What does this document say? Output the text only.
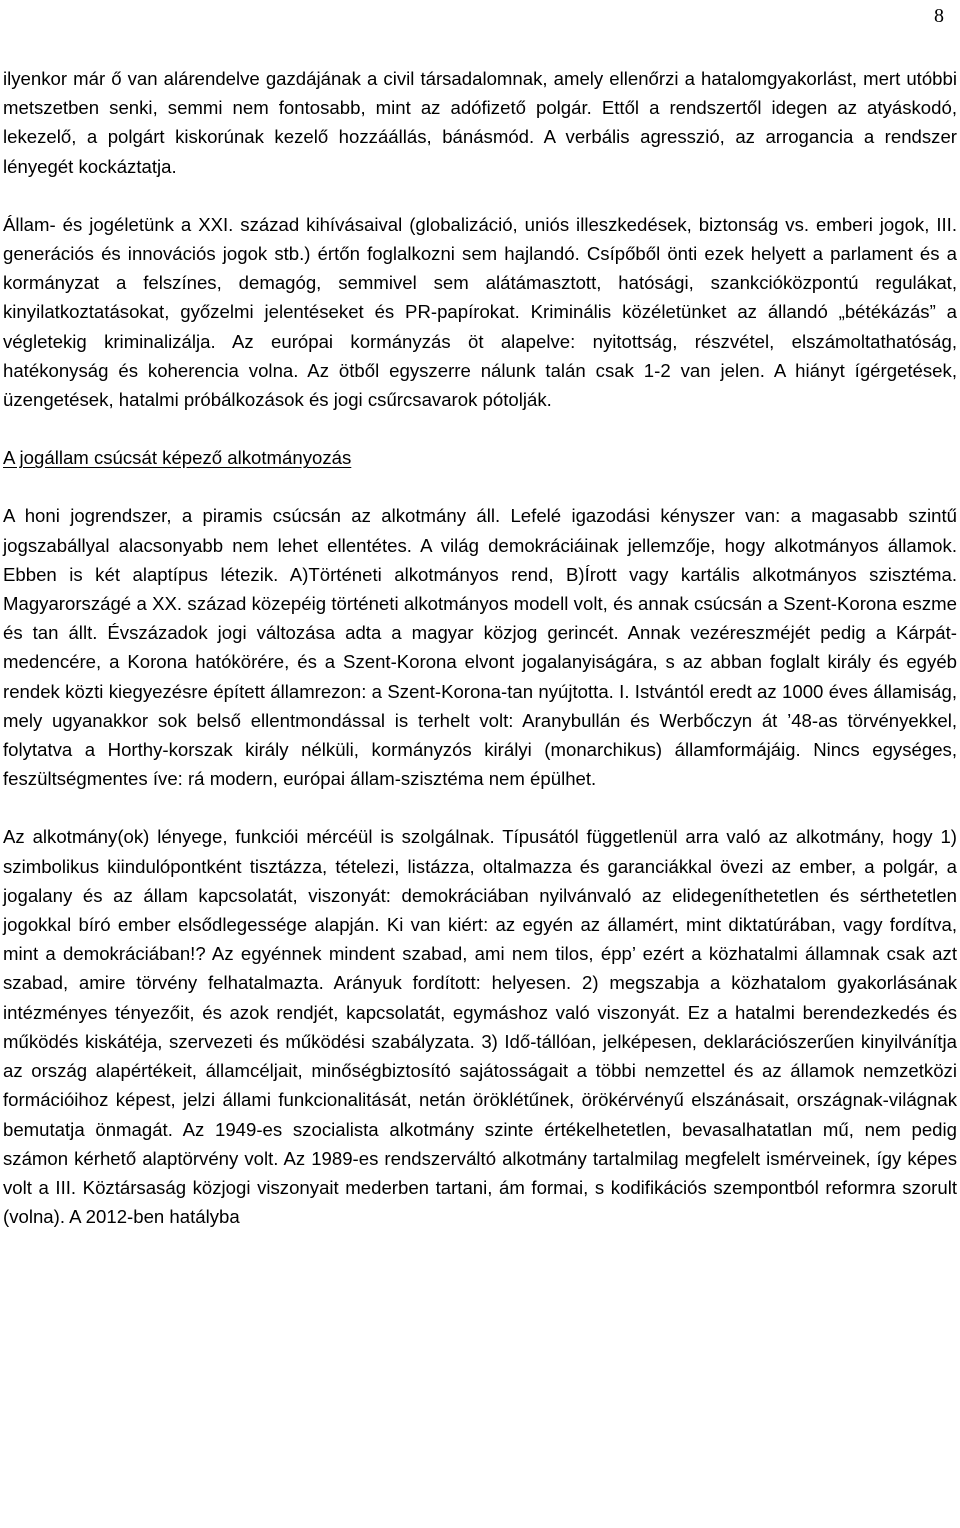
8

ilyenkor már ő van alárendelve gazdájának a civil társadalomnak, amely ellenőrzi a hatalomgyakorlást, mert utóbbi metszetben senki, semmi nem fontosabb, mint az adófizető polgár. Ettől a rendszertől idegen az atyáskodó, lekezelő, a polgárt kiskorúnak kezelő hozzáállás, bánásmód. A verbális agresszió, az arrogancia a rendszer lényegét kockáztatja.

Állam- és jogéletünk a XXI. század kihívásaival (globalizáció, uniós illeszkedések, biztonság vs. emberi jogok, III. generációs és innovációs jogok stb.) értőn foglalkozni sem hajlandó. Csípőből önti ezek helyett a parlament és a kormányzat a felszínes, demagóg, semmivel sem alátámasztott, hatósági, szankcióközpontú regulákat, kinyilatkoztatásokat, győzelmi jelentéseket és PR-papírokat. Kriminális közéletünket az állandó „bétékázás” a végletekig kriminalizálja. Az európai kormányzás öt alapelve: nyitottság, részvétel, elszámoltathatóság, hatékonyság és koherencia volna. Az ötből egyszerre nálunk talán csak 1-2 van jelen. A hiányt ígérgetések, üzengetések, hatalmi próbálkozások és jogi csűrcsavarok pótolják.

A jogállam csúcsát képező alkotmányozás

A honi jogrendszer, a piramis csúcsán az alkotmány áll. Lefelé igazodási kényszer van: a magasabb szintű jogszabállyal alacsonyabb nem lehet ellentétes. A világ demokráciáinak jellemzője, hogy alkotmányos államok. Ebben is két alaptípus létezik. A)Történeti alkotmányos rend, B)Írott vagy kartális alkotmányos szisztéma. Magyarországé a XX. század közepéig történeti alkotmányos modell volt, és annak csúcsán a Szent-Korona eszme és tan állt. Évszázadok jogi változása adta a magyar közjog gerincét. Annak vezéreszméjét pedig a Kárpát-medencére, a Korona hatókörére, és a Szent-Korona elvont jogalanyiságára, s az abban foglalt király és egyéb rendek közti kiegyezésre épített államrezon: a Szent-Korona-tan nyújtotta. I. Istvántól eredt az 1000 éves államiság, mely ugyanakkor sok belső ellentmondással is terhelt volt: Aranybullán és Werbőczyn át ’48-as törvényekkel, folytatva a Horthy-korszak király nélküli, kormányzós királyi (monarchikus) államformájáig. Nincs egységes, feszültségmentes íve: rá modern, európai állam-szisztéma nem épülhet.

Az alkotmány(ok) lényege, funkciói mércéül is szolgálnak. Típusától függetlenül arra való az alkotmány, hogy 1) szimbolikus kiindulópontként tisztázza, tételezi, listázza, oltalmazza és garanciákkal övezi az ember, a polgár, a jogalany és az állam kapcsolatát, viszonyát: demokráciában nyilvánvaló az elidegeníthetetlen és sérthetetlen jogokkal bíró ember elsődlegessége alapján. Ki van kiért: az egyén az államért, mint diktatúrában, vagy fordítva, mint a demokráciában!? Az egyénnek mindent szabad, ami nem tilos, épp’ ezért a közhatalmi államnak csak azt szabad, amire törvény felhatalmazta. Arányuk fordított: helyesen. 2) megszabja a közhatalom gyakorlásának intézményes tényezőit, és azok rendjét, kapcsolatát, egymáshoz való viszonyát. Ez a hatalmi berendezkedés és működés kiskátéja, szervezeti és működési szabályzata. 3) Idő-tállóan, jelképesen, deklarációszerűen kinyilvánítja az ország alapértékeit, államcéljait, minőségbiztosító sajátosságait a többi nemzettel és az államok nemzetközi formációihoz képest, jelzi állami funkcionalitását, netán öröklétűnek, örökérvényű elszánásait, országnak-világnak bemutatja önmagát. Az 1949-es szocialista alkotmány szinte értékelhetetlen, bevasalhatatlan mű, nem pedig számon kérhető alaptörvény volt. Az 1989-es rendszerváltó alkotmány tartalmilag megfelelt ismérveinek, így képes volt a III. Köztársaság közjogi viszonyait mederben tartani, ám formai, s kodifikációs szempontból reformra szorult (volna). A 2012-ben hatályba
